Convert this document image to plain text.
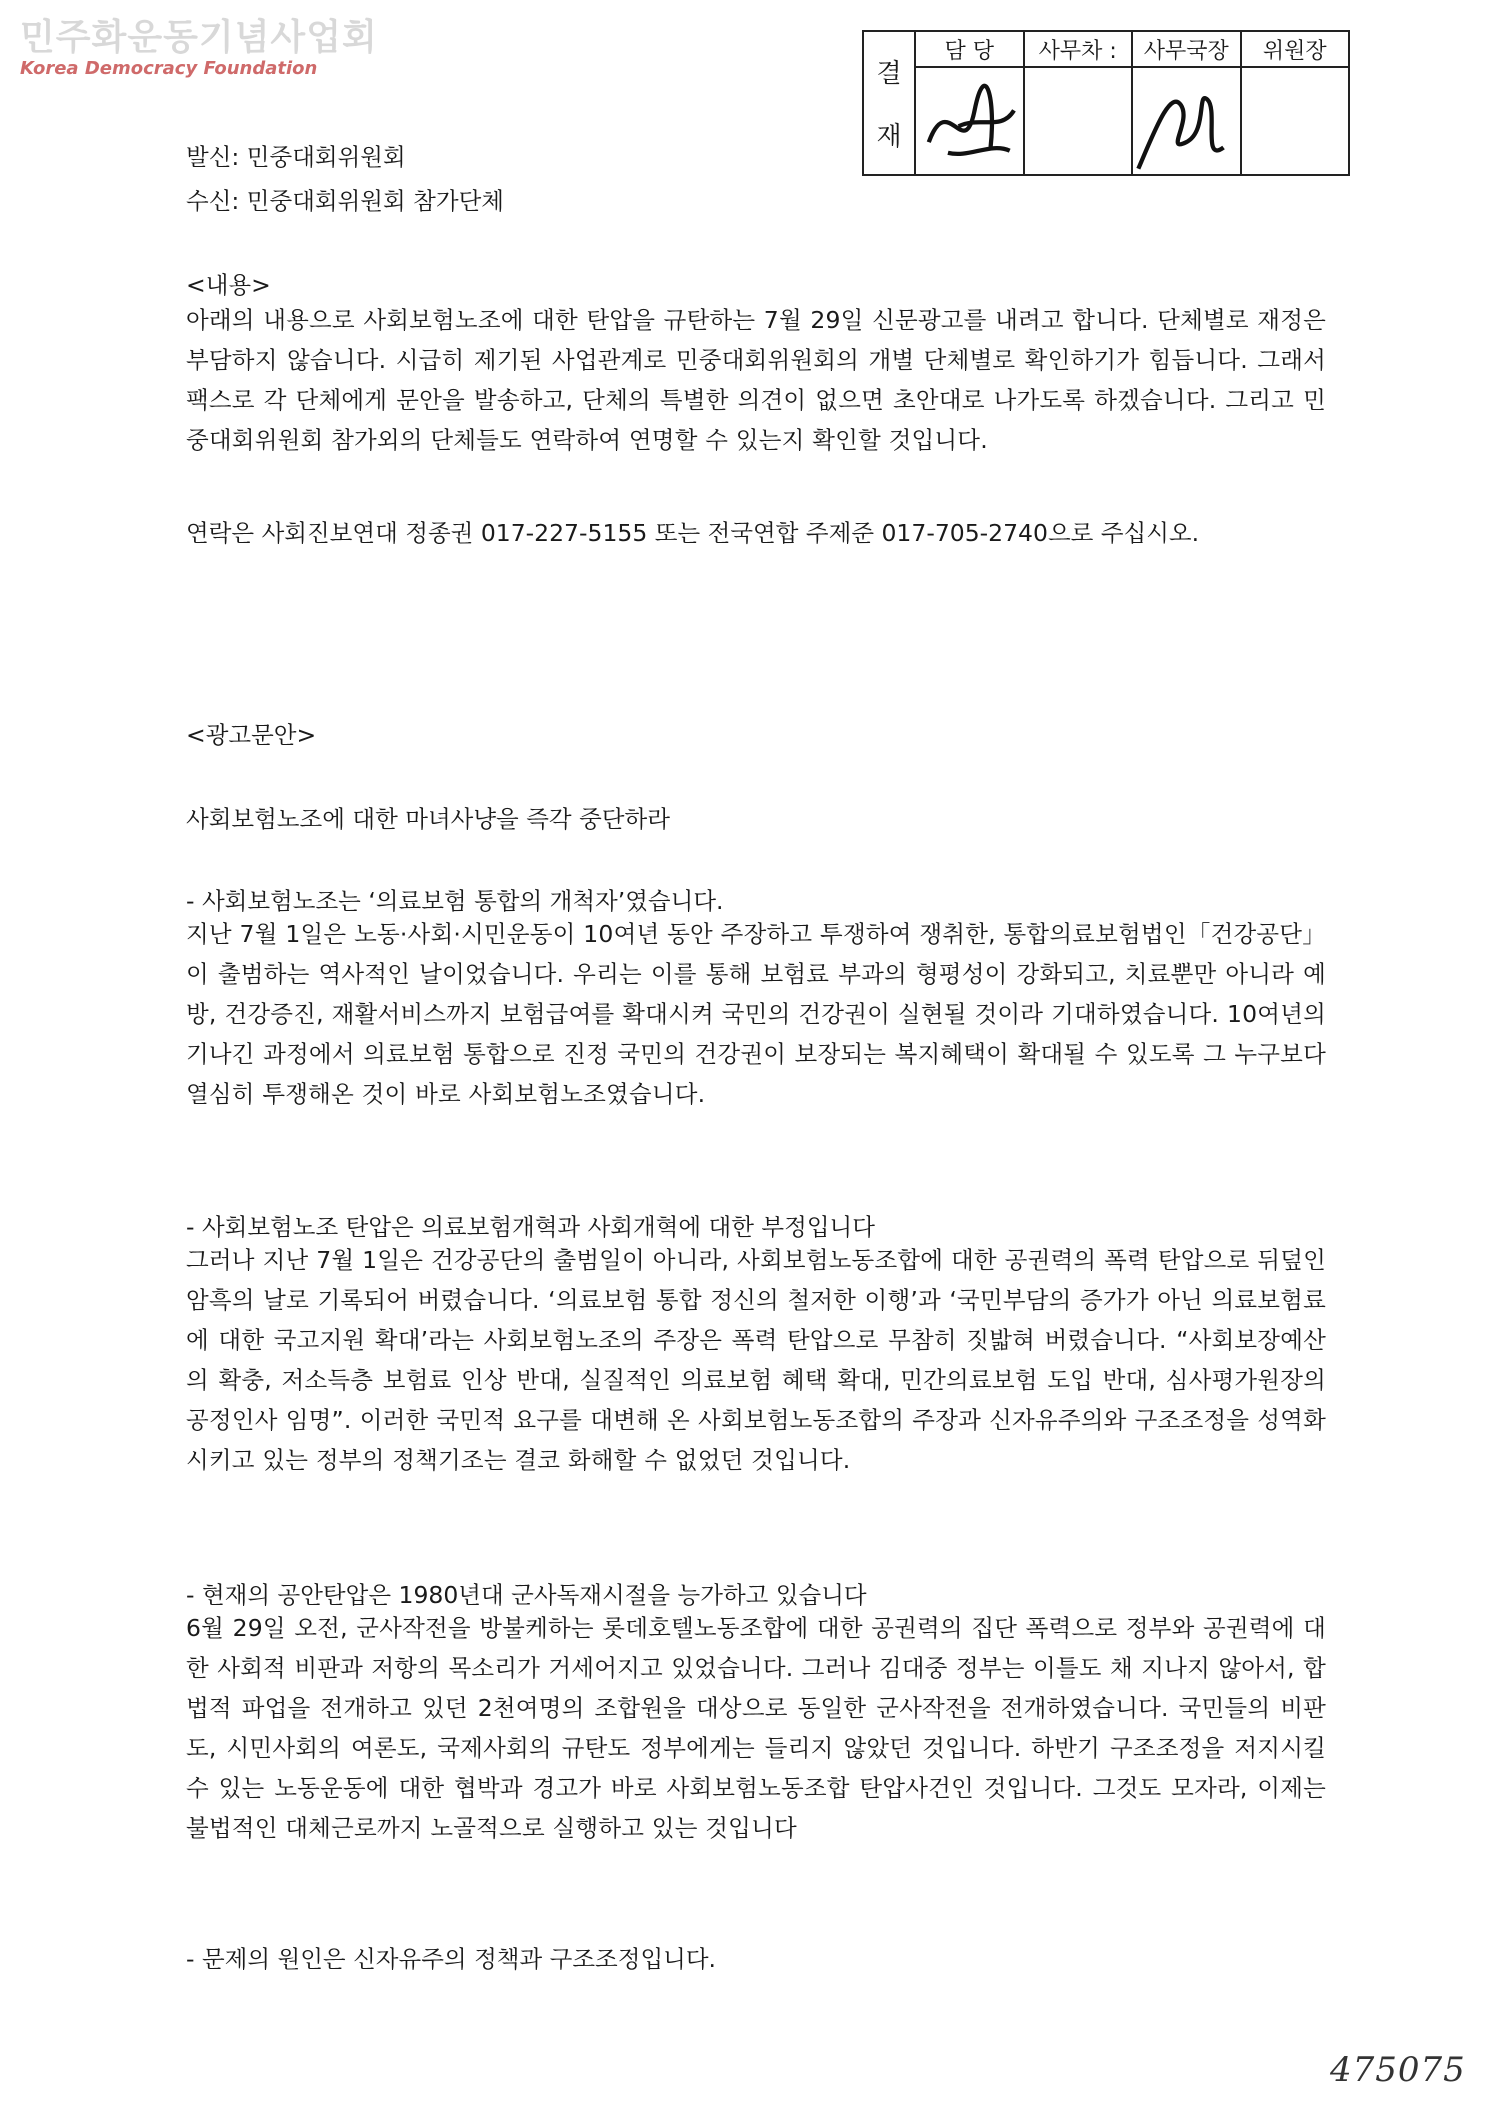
민주화운동기념사업회
Korea Democracy Foundation	결
재
담 당	사무차 :	사무국장	위원장
발신: 민중대회위원회
수신: 민중대회위원회 참가단체
<내용>
아래의 내용으로 사회보험노조에 대한 탄압을 규탄하는 7월 29일 신문광고를 내려고 합니다. 단체별로 재정은 부담하지 않습니다. 시급히 제기된 사업관계로 민중대회위원회의 개별 단체별로 확인하기가 힘듭니다. 그래서 팩스로 각 단체에게 문안을 발송하고, 단체의 특별한 의견이 없으면 초안대로 나가도록 하겠습니다. 그리고 민중대회위원회 참가외의 단체들도 연락하여 연명할 수 있는지 확인할 것입니다.
연락은 사회진보연대 정종권 017-227-5155 또는 전국연합 주제준 017-705-2740으로 주십시오.
<광고문안>
사회보험노조에 대한 마녀사냥을 즉각 중단하라
- 사회보험노조는 ‘의료보험 통합의 개척자’였습니다.
지난 7월 1일은 노동·사회·시민운동이 10여년 동안 주장하고 투쟁하여 쟁취한, 통합의료보험법인「건강공단」이 출범하는 역사적인 날이었습니다. 우리는 이를 통해 보험료 부과의 형평성이 강화되고, 치료뿐만 아니라 예방, 건강증진, 재활서비스까지 보험급여를 확대시켜 국민의 건강권이 실현될 것이라 기대하였습니다. 10여년의 기나긴 과정에서 의료보험 통합으로 진정 국민의 건강권이 보장되는 복지혜택이 확대될 수 있도록 그 누구보다 열심히 투쟁해온 것이 바로 사회보험노조였습니다.
- 사회보험노조 탄압은 의료보험개혁과 사회개혁에 대한 부정입니다
그러나 지난 7월 1일은 건강공단의 출범일이 아니라, 사회보험노동조합에 대한 공권력의 폭력 탄압으로 뒤덮인 암흑의 날로 기록되어 버렸습니다. ‘의료보험 통합 정신의 철저한 이행’과 ‘국민부담의 증가가 아닌 의료보험료에 대한 국고지원 확대’라는 사회보험노조의 주장은 폭력 탄압으로 무참히 짓밟혀 버렸습니다. “사회보장예산의 확충, 저소득층 보험료 인상 반대, 실질적인 의료보험 혜택 확대, 민간의료보험 도입 반대, 심사평가원장의 공정인사 임명”. 이러한 국민적 요구를 대변해 온 사회보험노동조합의 주장과 신자유주의와 구조조정을 성역화시키고 있는 정부의 정책기조는 결코 화해할 수 없었던 것입니다.
- 현재의 공안탄압은 1980년대 군사독재시절을 능가하고 있습니다
6월 29일 오전, 군사작전을 방불케하는 롯데호텔노동조합에 대한 공권력의 집단 폭력으로 정부와 공권력에 대한 사회적 비판과 저항의 목소리가 거세어지고 있었습니다. 그러나 김대중 정부는 이틀도 채 지나지 않아서, 합법적 파업을 전개하고 있던 2천여명의 조합원을 대상으로 동일한 군사작전을 전개하였습니다. 국민들의 비판도, 시민사회의 여론도, 국제사회의 규탄도 정부에게는 들리지 않았던 것입니다. 하반기 구조조정을 저지시킬 수 있는 노동운동에 대한 협박과 경고가 바로 사회보험노동조합 탄압사건인 것입니다. 그것도 모자라, 이제는 불법적인 대체근로까지 노골적으로 실행하고 있는 것입니다
- 문제의 원인은 신자유주의 정책과 구조조정입니다.
475075
